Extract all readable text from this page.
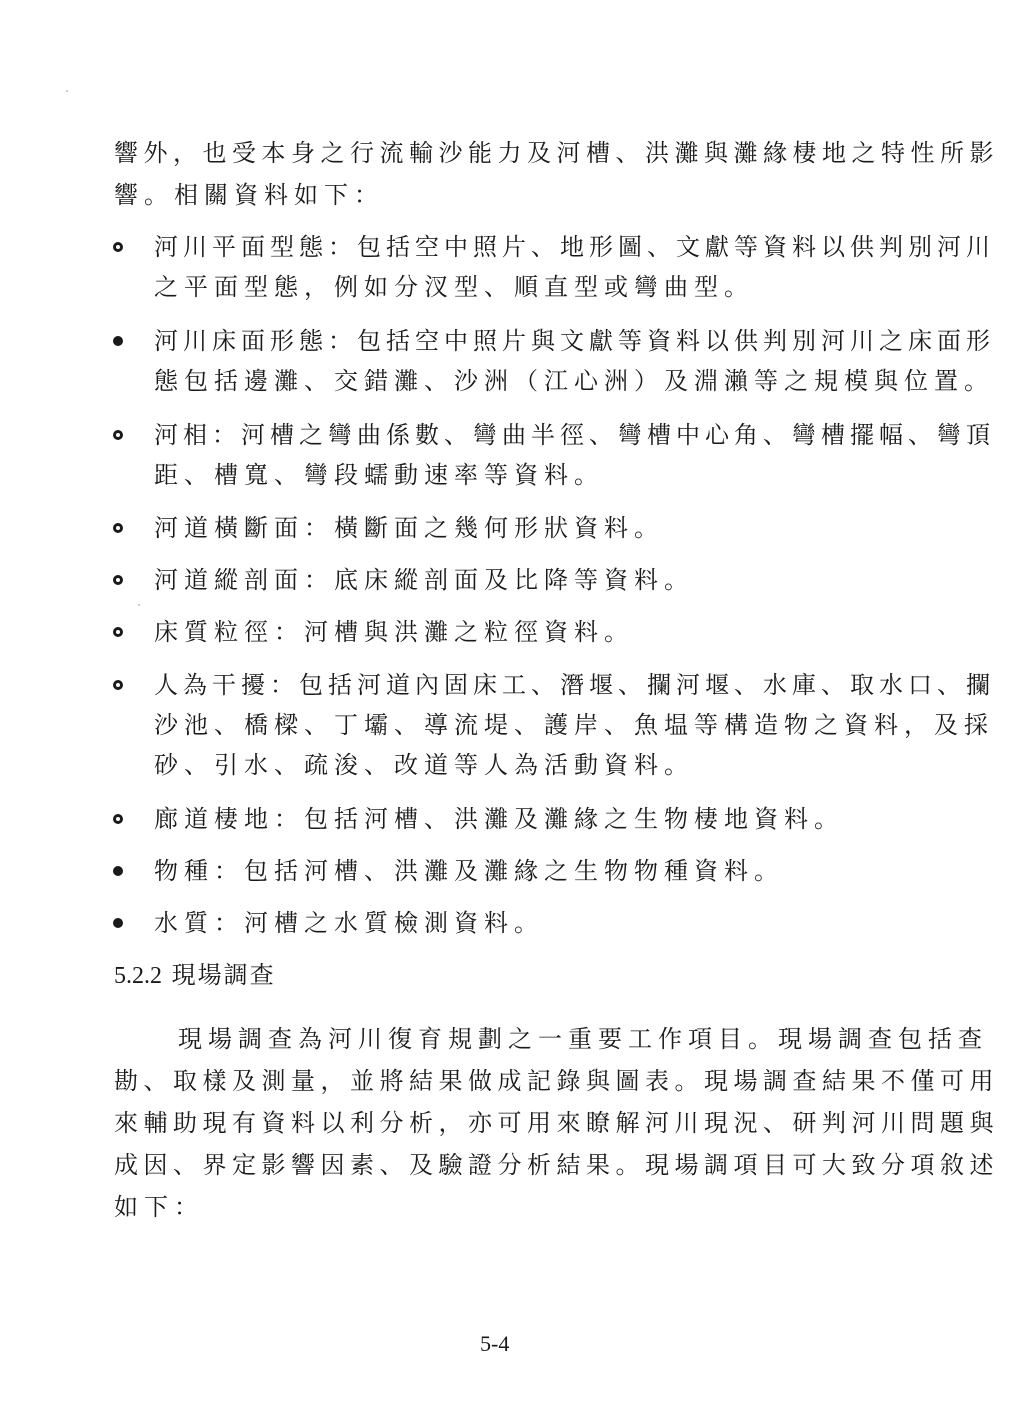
響外，也受本身之行流輸沙能力及河槽、洪灘與灘緣棲地之特性所影
響。相關資料如下：
河川平面型態：包括空中照片、地形圖、文獻等資料以供判別河川
之平面型態，例如分汊型、順直型或彎曲型。
河川床面形態：包括空中照片與文獻等資料以供判別河川之床面形
態包括邊灘、交錯灘、沙洲（江心洲）及淵瀨等之規模與位置。
河相：河槽之彎曲係數、彎曲半徑、彎槽中心角、彎槽擺幅、彎頂
距、槽寬、彎段蠕動速率等資料。
河道橫斷面：橫斷面之幾何形狀資料。
河道縱剖面：底床縱剖面及比降等資料。
床質粒徑：河槽與洪灘之粒徑資料。
人為干擾：包括河道內固床工、潛堰、攔河堰、水庫、取水口、攔
沙池、橋樑、丁壩、導流堤、護岸、魚塭等構造物之資料，及採
砂、引水、疏浚、改道等人為活動資料。
廊道棲地：包括河槽、洪灘及灘緣之生物棲地資料。
物種：包括河槽、洪灘及灘緣之生物物種資料。
水質：河槽之水質檢測資料。
5.2.2 現場調查
現場調查為河川復育規劃之一重要工作項目。現場調查包括查
勘、取樣及測量，並將結果做成記錄與圖表。現場調查結果不僅可用
來輔助現有資料以利分析，亦可用來瞭解河川現況、研判河川問題與
成因、界定影響因素、及驗證分析結果。現場調項目可大致分項敘述
如下：
5-4
